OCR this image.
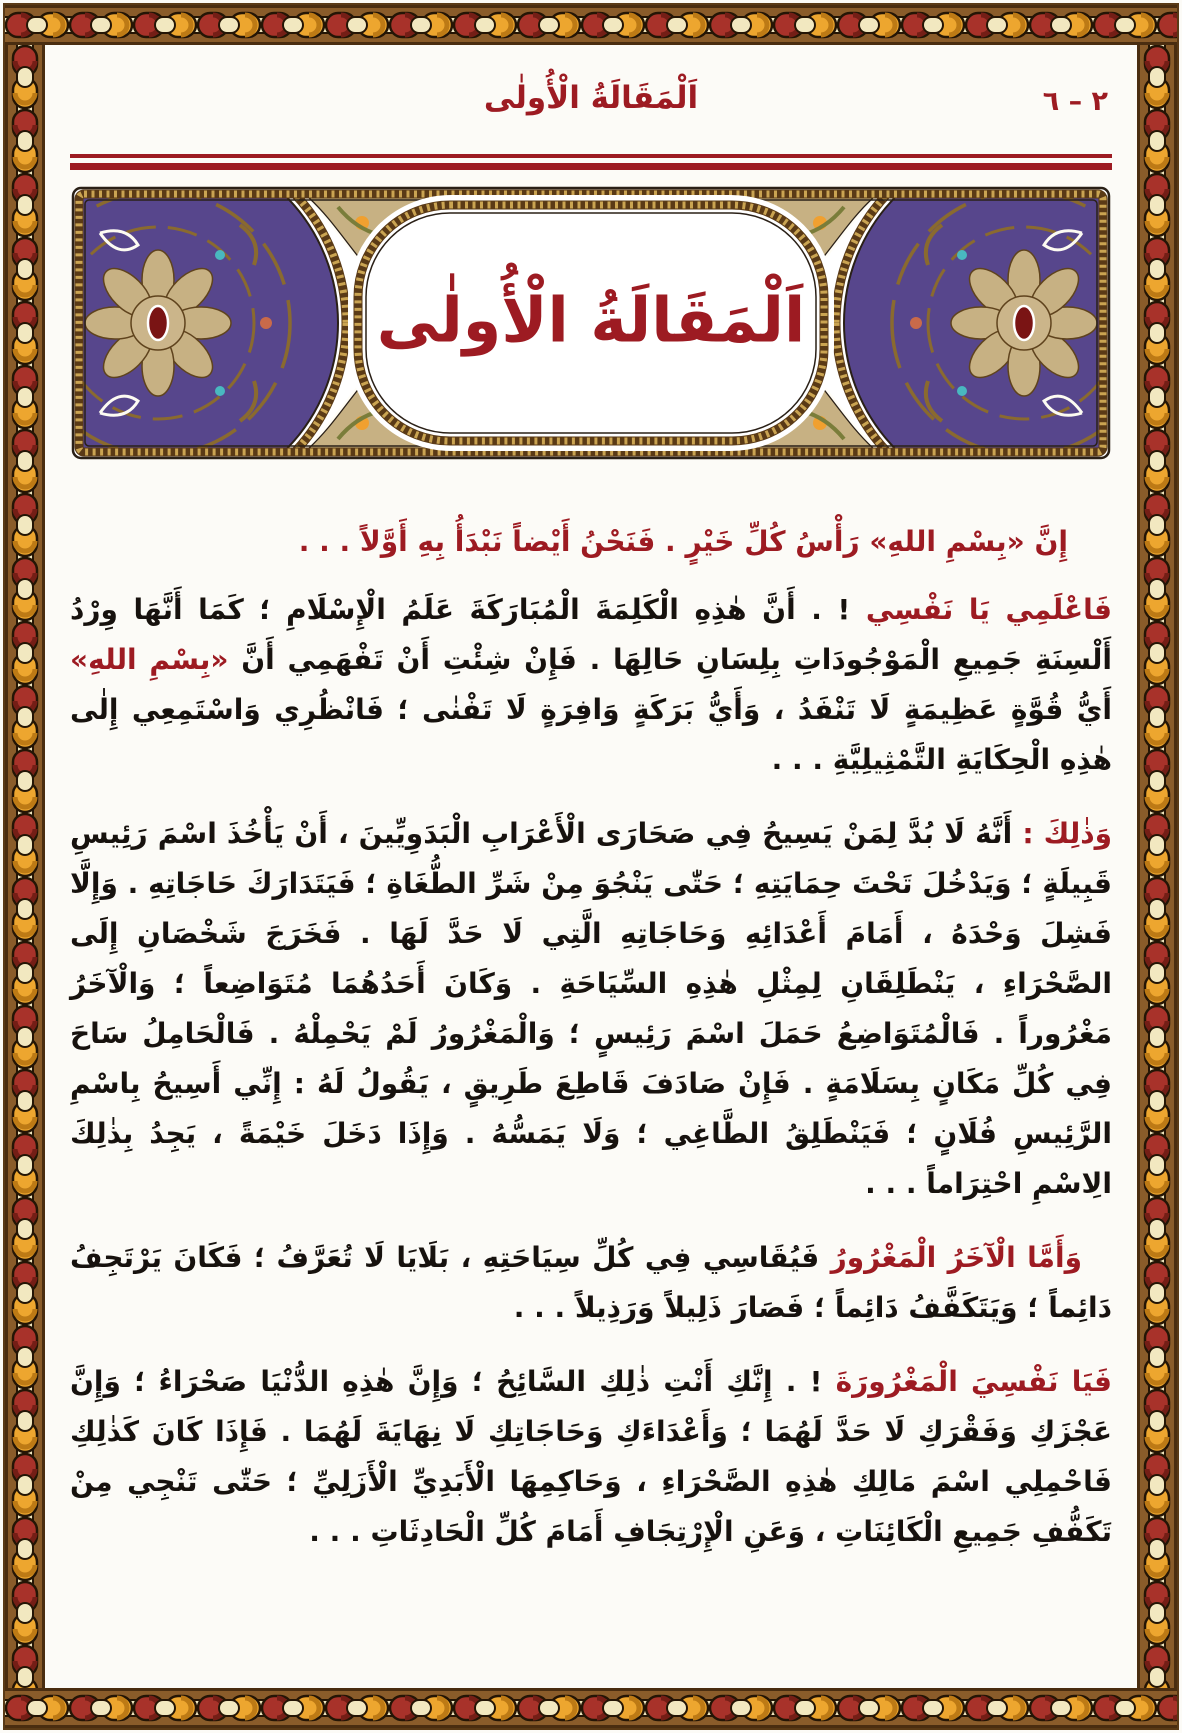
اَلْمَقَالَةُ الْأُولٰى	٢ – ٦
اَلْمَقَالَةُ الْأُولٰى

إِنَّ «بِسْمِ اللهِ» رَأْسُ كُلِّ خَيْرٍ . فَنَحْنُ أَيْضاً نَبْدَأُ بِهِ أَوَّلاً . . .

فَاعْلَمِي يَا نَفْسِي ! . أَنَّ هٰذِهِ الْكَلِمَةَ الْمُبَارَكَةَ عَلَمُ الْإِسْلَامِ ؛ كَمَا أَنَّهَا وِرْدُ أَلْسِنَةِ جَمِيعِ الْمَوْجُودَاتِ بِلِسَانِ حَالِهَا . فَإِنْ شِئْتِ أَنْ تَفْهَمِي أَنَّ «بِسْمِ اللهِ» أَيُّ قُوَّةٍ عَظِيمَةٍ لَا تَنْفَدُ ، وَأَيُّ بَرَكَةٍ وَافِرَةٍ لَا تَفْنٰى ؛ فَانْظُرِي وَاسْتَمِعِي إِلٰى هٰذِهِ الْحِكَايَةِ التَّمْثِيلِيَّةِ . . .

وَذٰلِكَ : أَنَّهُ لَا بُدَّ لِمَنْ يَسِيحُ فِي صَحَارَى الْأَعْرَابِ الْبَدَوِيِّينَ ، أَنْ يَأْخُذَ اسْمَ رَئِيسِ قَبِيلَةٍ ؛ وَيَدْخُلَ تَحْتَ حِمَايَتِهِ ؛ حَتّٰى يَنْجُوَ مِنْ شَرِّ الطُّغَاةِ ؛ فَيَتَدَارَكَ حَاجَاتِهِ . وَإِلَّا فَشِلَ وَحْدَهُ ، أَمَامَ أَعْدَائِهِ وَحَاجَاتِهِ الَّتِي لَا حَدَّ لَهَا . فَخَرَجَ شَخْصَانِ إِلَى الصَّحْرَاءِ ، يَنْطَلِقَانِ لِمِثْلِ هٰذِهِ السِّيَاحَةِ . وَكَانَ أَحَدُهُمَا مُتَوَاضِعاً ؛ وَالْآخَرُ مَغْرُوراً . فَالْمُتَوَاضِعُ حَمَلَ اسْمَ رَئِيسٍ ؛ وَالْمَغْرُورُ لَمْ يَحْمِلْهُ . فَالْحَامِلُ سَاحَ فِي كُلِّ مَكَانٍ بِسَلَامَةٍ . فَإِنْ صَادَفَ قَاطِعَ طَرِيقٍ ، يَقُولُ لَهُ : إِنِّي أَسِيحُ بِاسْمِ الرَّئِيسِ فُلَانٍ ؛ فَيَنْطَلِقُ الطَّاغِي ؛ وَلَا يَمَسُّهُ . وَإِذَا دَخَلَ خَيْمَةً ، يَجِدُ بِذٰلِكَ الِاسْمِ احْتِرَاماً . . .

وَأَمَّا الْآخَرُ الْمَغْرُورُ فَيُقَاسِي فِي كُلِّ سِيَاحَتِهِ ، بَلَايَا لَا تُعَرَّفُ ؛ فَكَانَ يَرْتَجِفُ دَائِماً ؛ وَيَتَكَفَّفُ دَائِماً ؛ فَصَارَ ذَلِيلاً وَرَذِيلاً . . .

فَيَا نَفْسِيَ الْمَغْرُورَةَ ! . إِنَّكِ أَنْتِ ذٰلِكِ السَّائِحُ ؛ وَإِنَّ هٰذِهِ الدُّنْيَا صَحْرَاءُ ؛ وَإِنَّ عَجْزَكِ وَفَقْرَكِ لَا حَدَّ لَهُمَا ؛ وَأَعْدَاءَكِ وَحَاجَاتِكِ لَا نِهَايَةَ لَهُمَا . فَإِذَا كَانَ كَذٰلِكِ فَاحْمِلِي اسْمَ مَالِكِ هٰذِهِ الصَّحْرَاءِ ، وَحَاكِمِهَا الْأَبَدِيِّ الْأَزَلِيِّ ؛ حَتّٰى تَنْجِي مِنْ تَكَفُّفِ جَمِيعِ الْكَائِنَاتِ ، وَعَنِ الْإِرْتِجَافِ أَمَامَ كُلِّ الْحَادِثَاتِ . . .
